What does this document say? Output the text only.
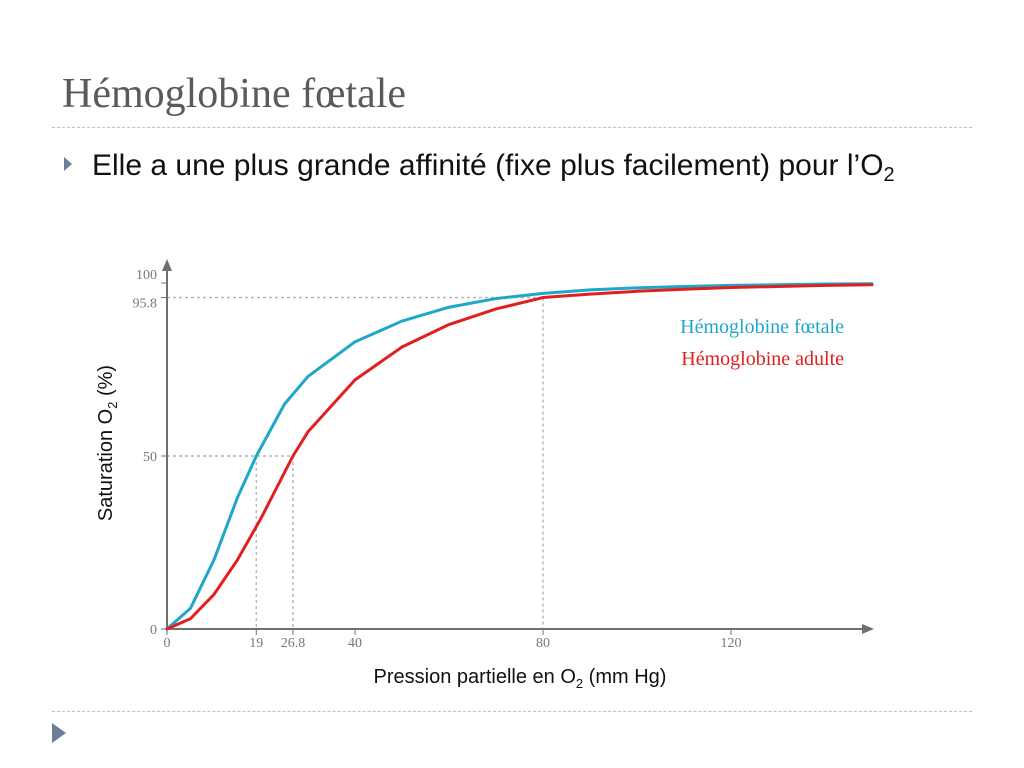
Hémoglobine fœtale
Elle a une plus grande affinité (fixe plus facilement) pour $l’O_2$
0	19 26.8	40	80	120
0
50
95.8
100
Hémoglobine fœtale
Hémoglobine adulte
Pression partielle en $O_2$ (mm Hg)
Saturation $O_2$ (%)
